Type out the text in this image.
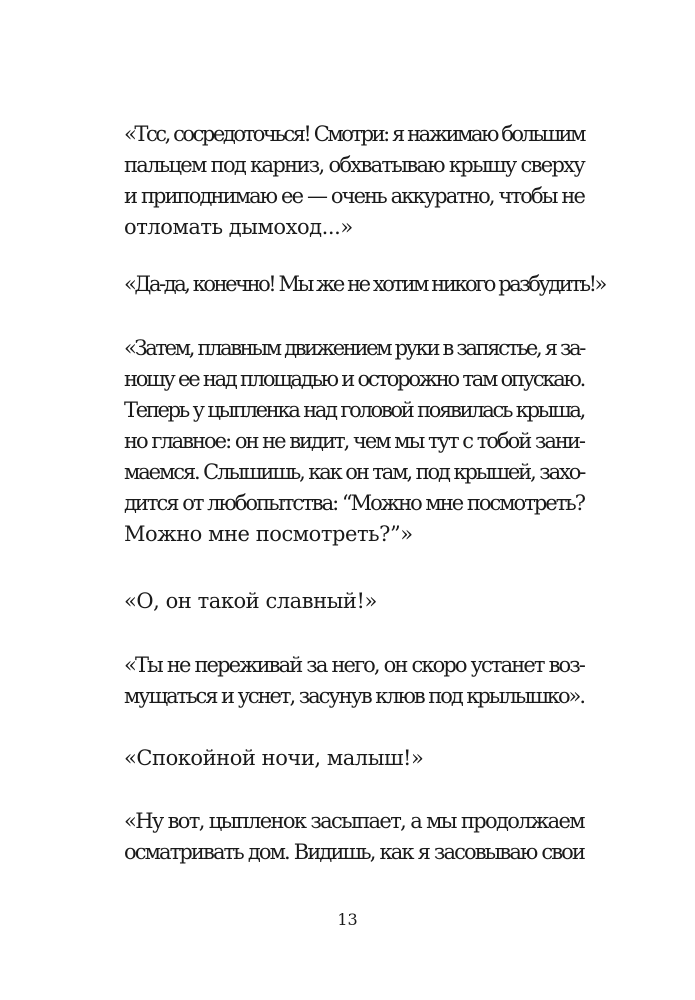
«Тсс, сосредоточься! Смотри: я нажимаю большим
пальцем под карниз, обхватываю крышу сверху
и приподнимаю ее — очень аккуратно, чтобы не
отломать дымоход...»
«Да-да, конечно! Мы же не хотим никого разбудить!»
«Затем, плавным движением руки в запястье, я за-
ношу ее над площадью и осторожно там опускаю.
Теперь у цыпленка над головой появилась крыша,
но главное: он не видит, чем мы тут с тобой зани-
маемся. Слышишь, как он там, под крышей, захо-
дится от любопытства: “Можно мне посмотреть?
Можно мне посмотреть?”»
«О, он такой славный!»
«Ты не переживай за него, он скоро устанет воз-
мущаться и уснет, засунув клюв под крылышко».
«Спокойной ночи, малыш!»
«Ну вот, цыпленок засыпает, а мы продолжаем
осматривать дом. Видишь, как я засовываю свои
13
